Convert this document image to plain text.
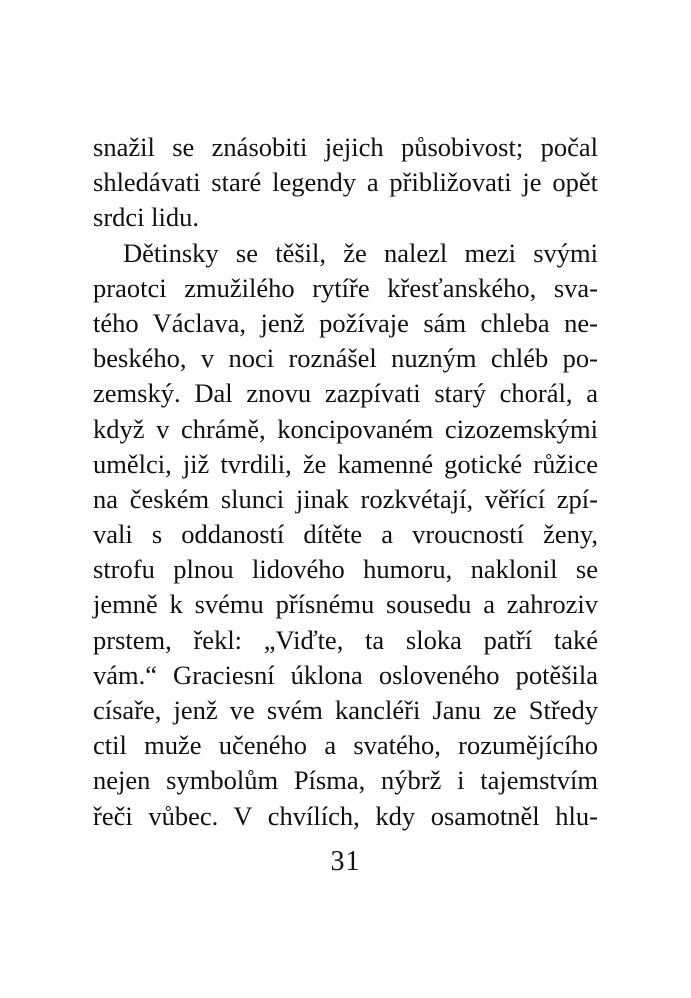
snažil se znásobiti jejich působivost; počal
shledávati staré legendy a přibližovati je opět
srdci lidu.
Dětinsky se těšil, že nalezl mezi svými
praotci zmužilého rytíře křesťanského, sva-
tého Václava, jenž požívaje sám chleba ne-
beského, v noci roznášel nuzným chléb po-
zemský. Dal znovu zazpívati starý chorál, a
když v chrámě, koncipovaném cizozemskými
umělci, již tvrdili, že kamenné gotické růžice
na českém slunci jinak rozkvétají, věřící zpí-
vali s oddaností dítěte a vroucností ženy,
strofu plnou lidového humoru, naklonil se
jemně k svému přísnému sousedu a zahroziv
prstem, řekl: „Viďte, ta sloka patří také
vám.“ Graciesní úklona osloveného potěšila
císaře, jenž ve svém kancléři Janu ze Středy
ctil muže učeného a svatého, rozumějícího
nejen symbolům Písma, nýbrž i tajemstvím
řeči vůbec. V chvílích, kdy osamotněl hlu-
31
